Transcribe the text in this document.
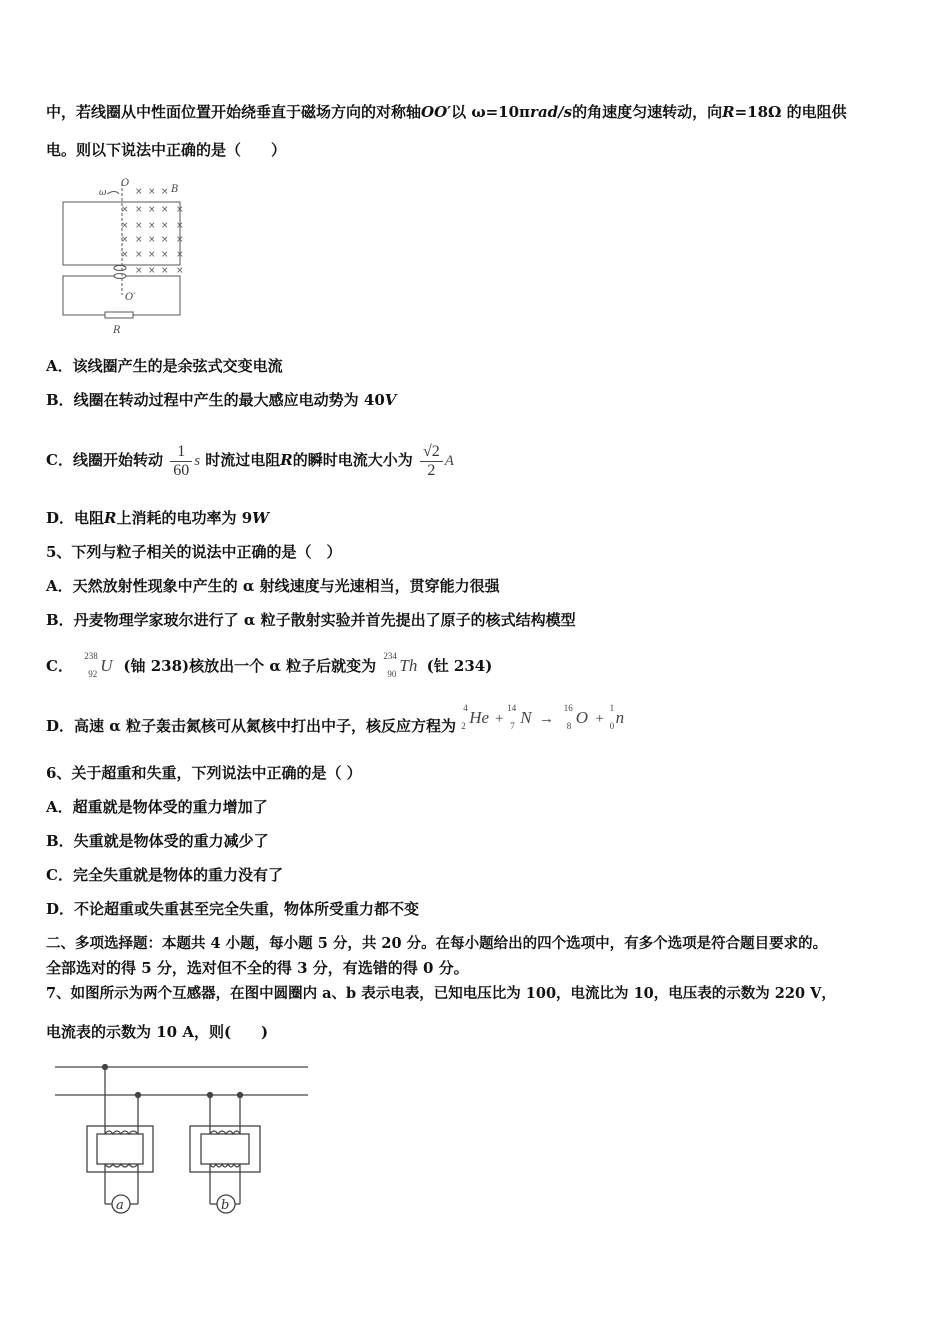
中，若线圈从中性面位置开始绕垂直于磁场方向的对称轴OO′以 ω=10πrad/s的角速度匀速转动，向R=18Ω 的电阻供
电。则以下说法中正确的是（　　）
ω
O
B
O′
R
× × ×
× × × × ×
× × × × ×
× × × × ×
× × × × ×
× × × ×
A．该线圈产生的是余弦式交变电流
B．线圈在转动过程中产生的最大感应电动势为 40V
C．线圈开始转动 $\frac{1}{60}$ s 时流过电阻R的瞬时电流大小为 $\frac{√2}{2}$ A
D．电阻R上消耗的电功率为 9W
5、下列与粒子相关的说法中正确的是（　）
A．天然放射性现象中产生的 α 射线速度与光速相当，贯穿能力很强
B．丹麦物理学家玻尔进行了 α 粒子散射实验并首先提出了原子的核式结构模型
C．
238
92 U (铀 238)核放出一个 α 粒子后就变为
234
90 Th (钍 234)
D．高速 α 粒子轰击氮核可从氮核中打出中子，核反应方程为
4
2 He +
14
7 N →
16
8 O +
1
0 n
6、关于超重和失重，下列说法中正确的是（ ）
A．超重就是物体受的重力增加了
B．失重就是物体受的重力减少了
C．完全失重就是物体的重力没有了
D．不论超重或失重甚至完全失重，物体所受重力都不变
二、多项选择题：本题共 4 小题，每小题 5 分，共 20 分。在每小题给出的四个选项中，有多个选项是符合题目要求的。
全部选对的得 5 分，选对但不全的得 3 分，有选错的得 0 分。
7、如图所示为两个互感器，在图中圆圈内 a、b 表示电表，已知电压比为 100，电流比为 10，电压表的示数为 220 V，
电流表的示数为 10 A，则(　　)
a	b
